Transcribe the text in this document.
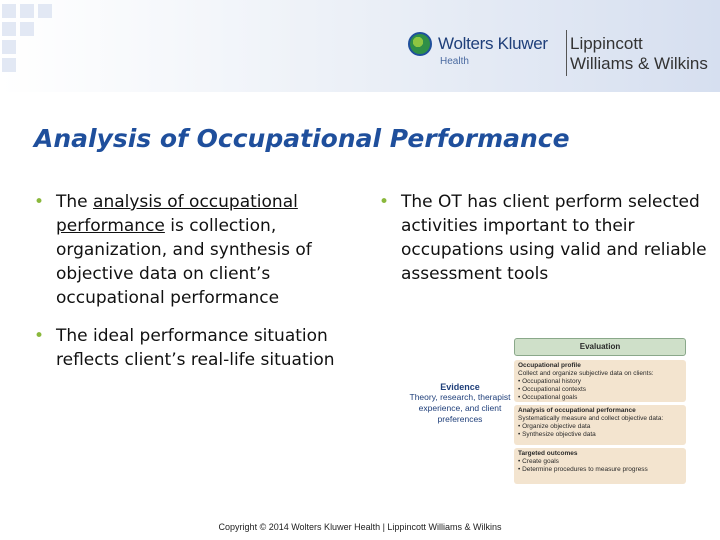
Wolters Kluwer
Health
Lippincott
Williams & Wilkins
Analysis of Occupational Performance
• The analysis of occupational performance is collection, organization, and synthesis of objective data on client’s occupational performance
• The OT has client perform selected activities important to their occupations using valid and reliable assessment tools
• The ideal performance situation reflects client’s real-life situation
Evidence
Theory, research, therapist experience, and client preferences
Evaluation
Occupational profile
Collect and organize subjective data on clients:
• Occupational history
• Occupational contexts
• Occupational goals
Analysis of occupational performance
Systematically measure and collect objective data:
• Organize objective data
• Synthesize objective data
Targeted outcomes
• Create goals
• Determine procedures to measure progress
Copyright © 2014 Wolters Kluwer Health | Lippincott Williams & Wilkins
